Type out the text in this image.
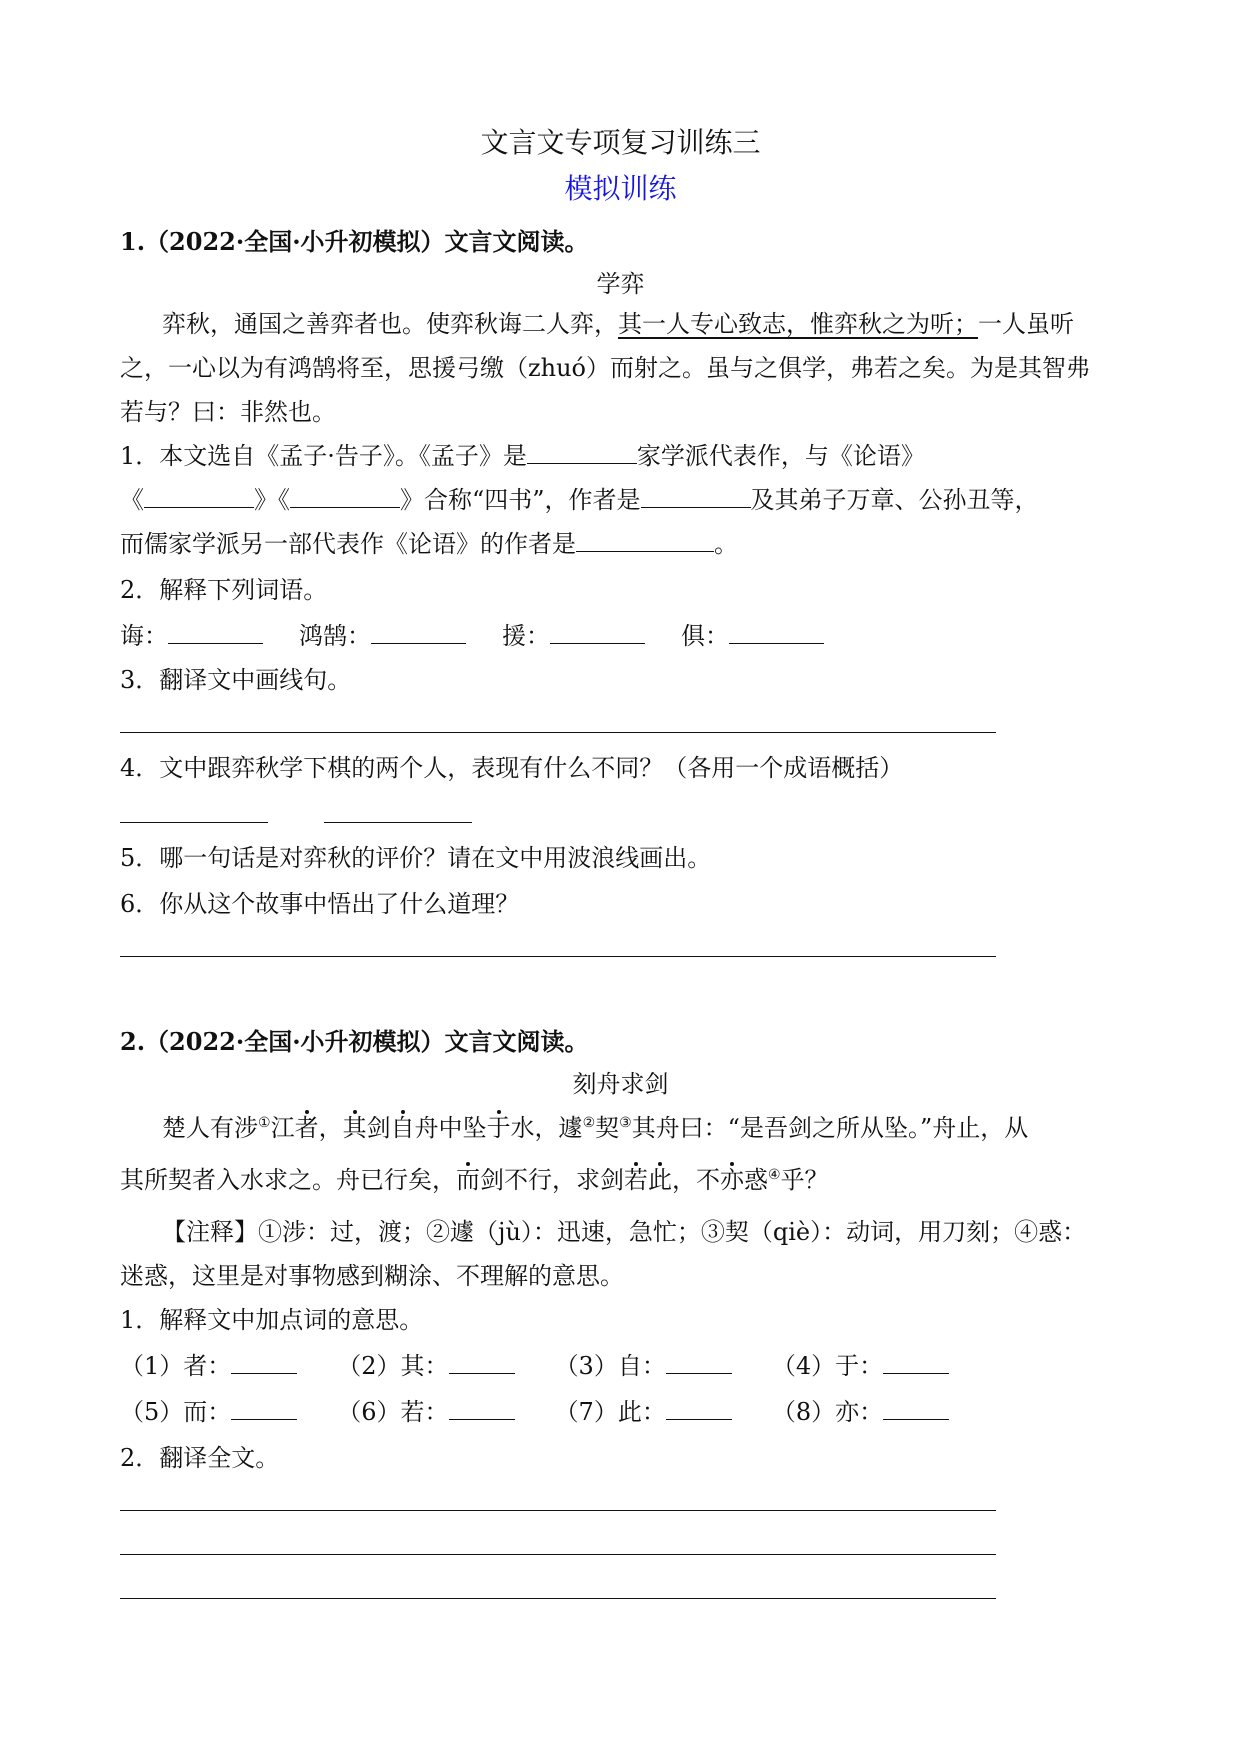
文言文专项复习训练三
模拟训练
1.（2022·全国·小升初模拟）文言文阅读。
学弈
弈秋，通国之善弈者也。使弈秋诲二人弈，其一人专心致志，惟弈秋之为听；一人虽听
之，一心以为有鸿鹄将至，思援弓缴（zhuó）而射之。虽与之俱学，弗若之矣。为是其智弗
若与？曰：非然也。
1．本文选自《孟子·告子》。《孟子》是	家学派代表作，与《论语》
《	》《	》合称“四书”，作者是	及其弟子万章、公孙丑等，
而儒家学派另一部代表作《论语》的作者是	。
2．解释下列词语。
诲：	鸿鹄：	援：	俱：
3．翻译文中画线句。
4．文中跟弈秋学下棋的两个人，表现有什么不同？（各用一个成语概括）
5．哪一句话是对弈秋的评价？请在文中用波浪线画出。
6．你从这个故事中悟出了什么道理？
2.（2022·全国·小升初模拟）文言文阅读。
刻舟求剑
楚人有涉①江者，其剑自舟中坠于水，遽②契③其舟曰：“是吾剑之所从坠。”舟止，从
其所契者入水求之。舟已行矣，而剑不行，求剑若此，不亦惑④乎？
【注释】①涉：过，渡；②遽（jù）：迅速，急忙；③契（qiè）：动词，用刀刻；④惑：
迷惑，这里是对事物感到糊涂、不理解的意思。
1．解释文中加点词的意思。
（1）者：	（2）其：	（3）自：	（4）于：
（5）而：	（6）若：	（7）此：	（8）亦：
2．翻译全文。
